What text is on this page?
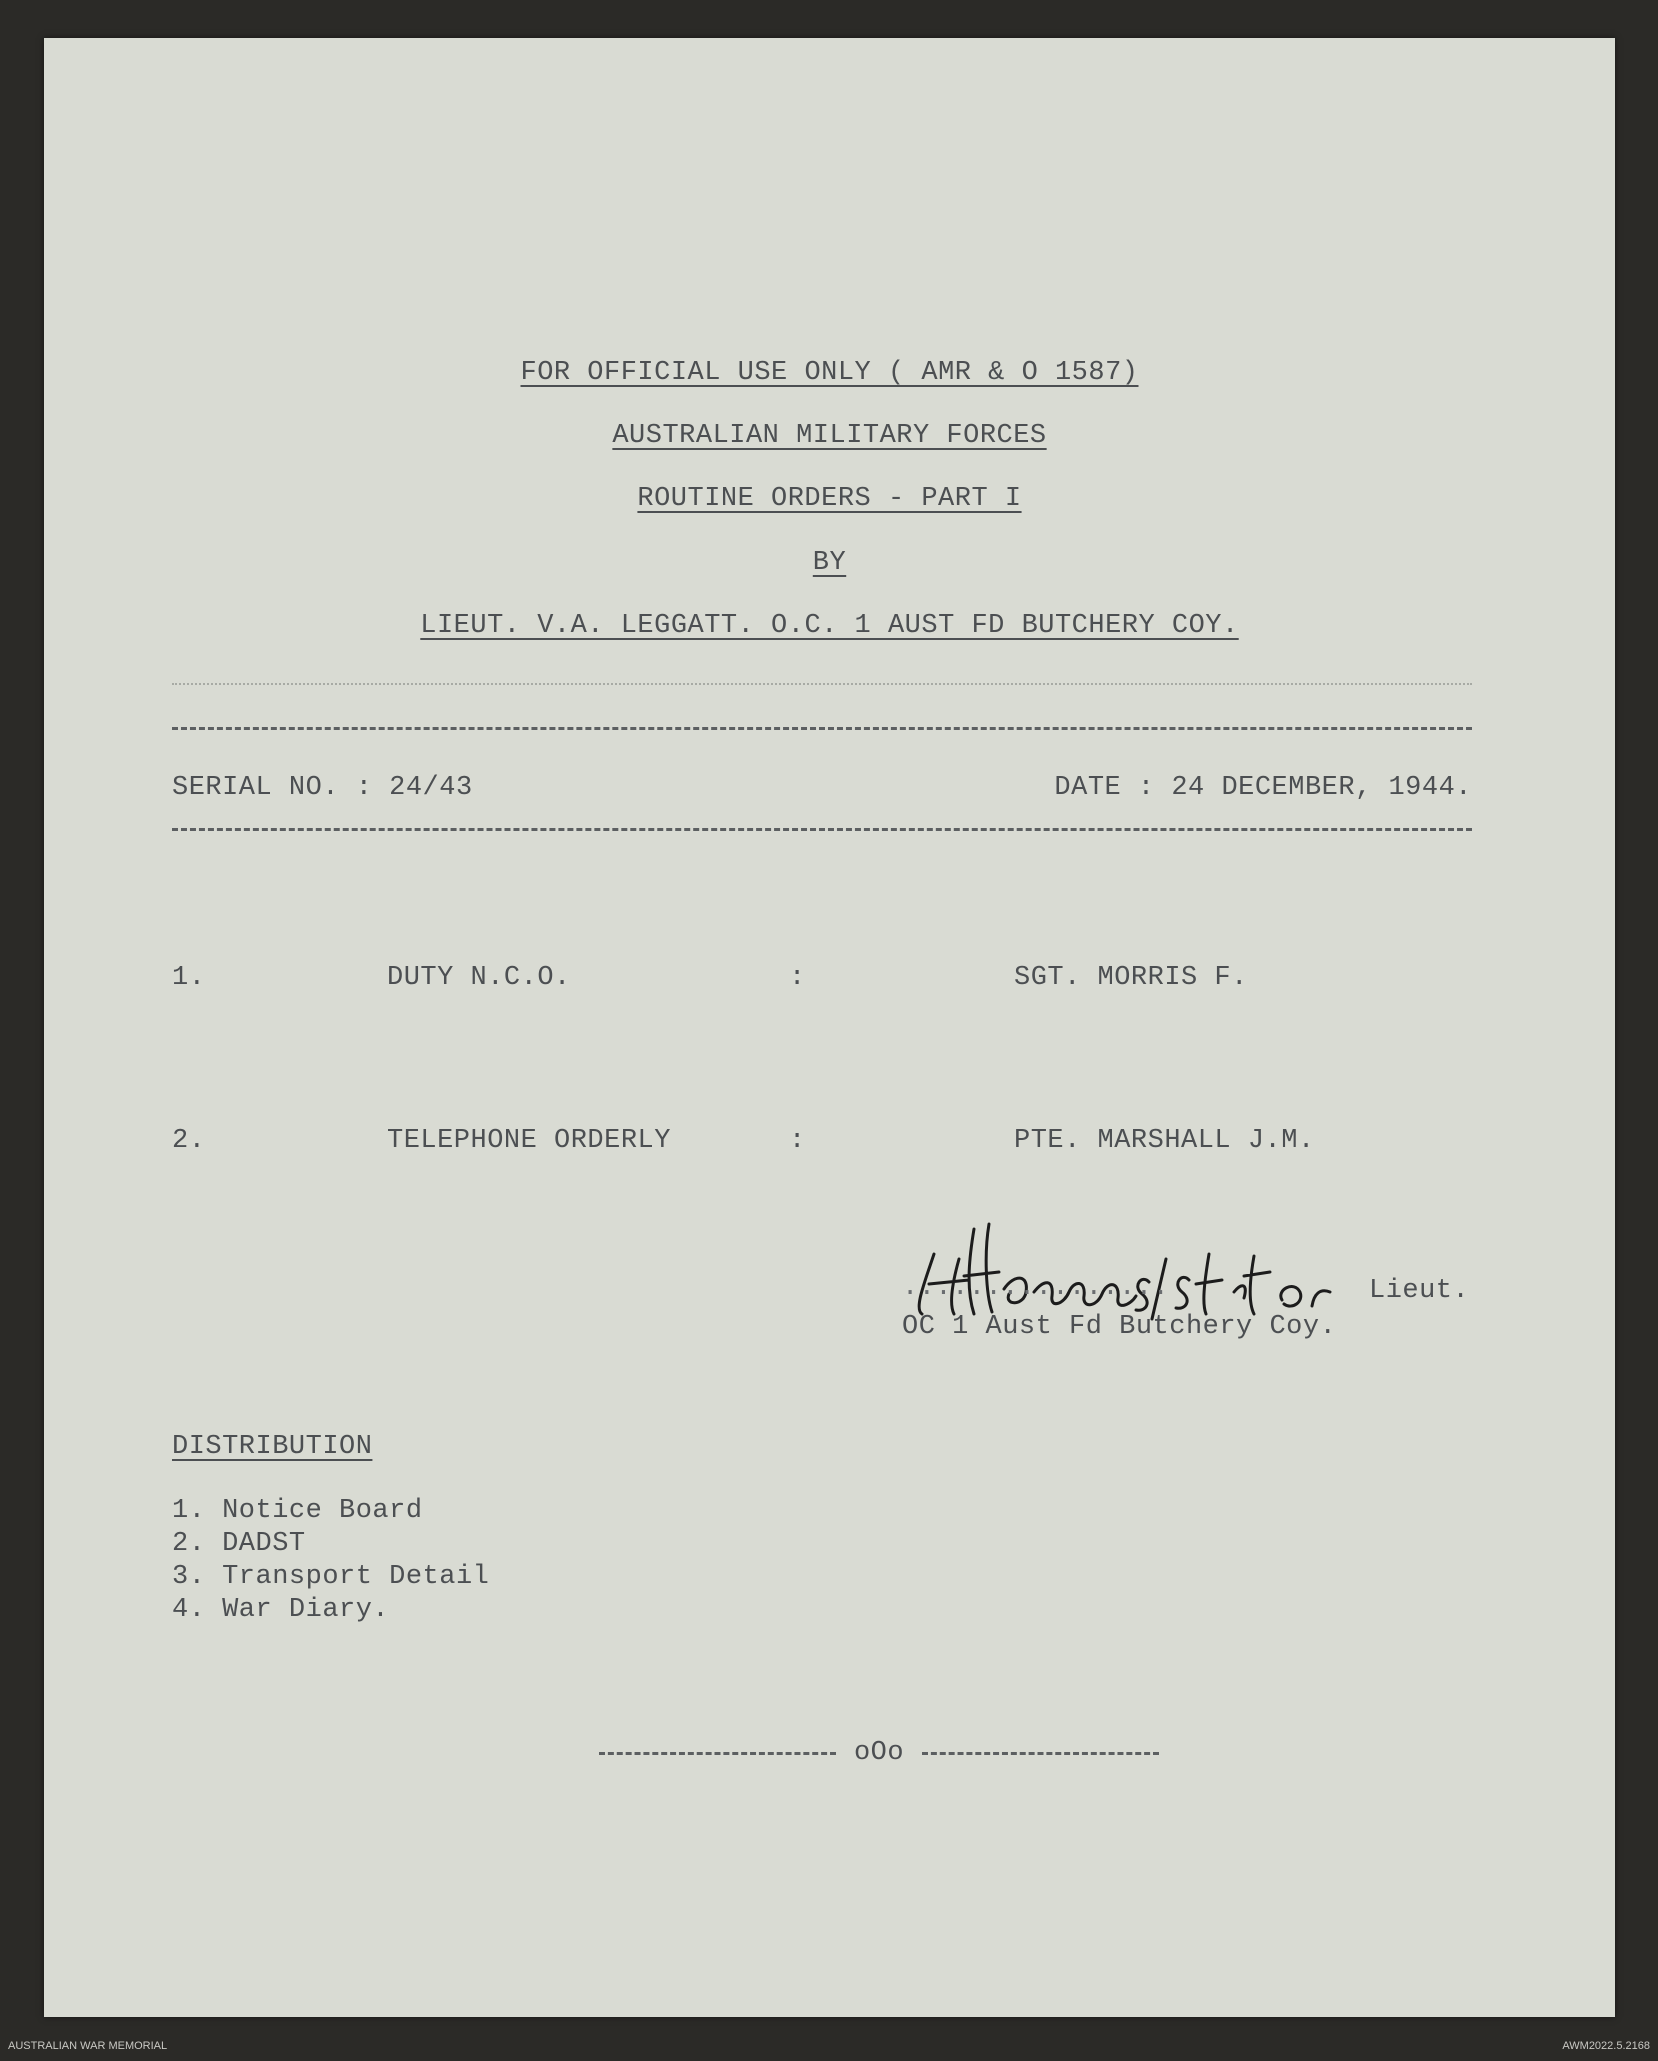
FOR OFFICIAL USE ONLY ( AMR & O 1587)

AUSTRALIAN MILITARY FORCES

ROUTINE ORDERS - PART I

BY

LIEUT. V.A. LEGGATT. O.C. 1 AUST FD BUTCHERY COY.

SERIAL NO. : 24/43	DATE : 24 DECEMBER, 1944.

1.	DUTY N.C.O.	:	SGT. MORRIS F.

2.	TELEPHONE ORDERLY	:	PTE. MARSHALL J.M.

................	Lieut.

OC 1 Aust Fd Butchery Coy.

DISTRIBUTION

1. Notice Board

2. DADST

3. Transport Detail

4. War Diary.

oOo

AUSTRALIAN WAR MEMORIAL	AWM2022.5.2168
